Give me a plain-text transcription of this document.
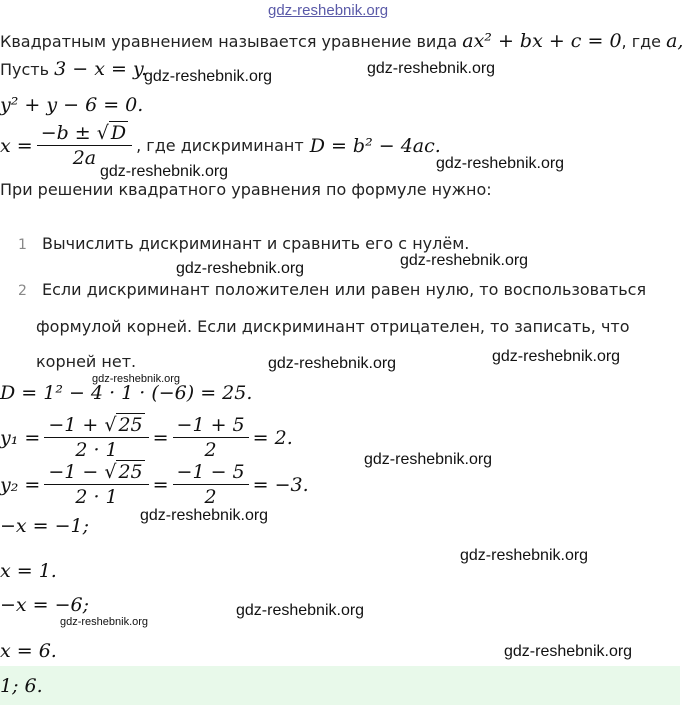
gdz-reshebnik.org
Квадратным уравнением называется уравнение вида ax² + bx + c = 0, где a,
Пусть 3 − x = y.
gdz-reshebnik.org	gdz-reshebnik.org
y² + y − 6 = 0.
$x = \frac{-b \pm √ D}{2a}$ , где дискриминант D = b² − 4ac.
gdz-reshebnik.org	gdz-reshebnik.org
При решении квадратного уравнения по формуле нужно:
1 Вычислить дискриминант и сравнить его с нулём.
gdz-reshebnik.org	gdz-reshebnik.org
2 Если дискриминант положителен или равен нулю, то воспользоваться
формулой корней. Если дискриминант отрицателен, то записать, что
корней нет.	gdz-reshebnik.org	gdz-reshebnik.org
gdz-reshebnik.org
D = 1² − 4 · 1 · (−6) = 25.
$y_1 = \frac{-1 + √ 25}{2 \cdot 1} = \frac{-1 + 5}{2} = 2$.
gdz-reshebnik.org
$y_2 = \frac{-1 - √ 25}{2 \cdot 1} = \frac{-1 - 5}{2} = -3$.
−x = −1;	gdz-reshebnik.org
x = 1.
gdz-reshebnik.org
−x = −6;	gdz-reshebnik.org
gdz-reshebnik.org
x = 6.	gdz-reshebnik.org
1; 6.
